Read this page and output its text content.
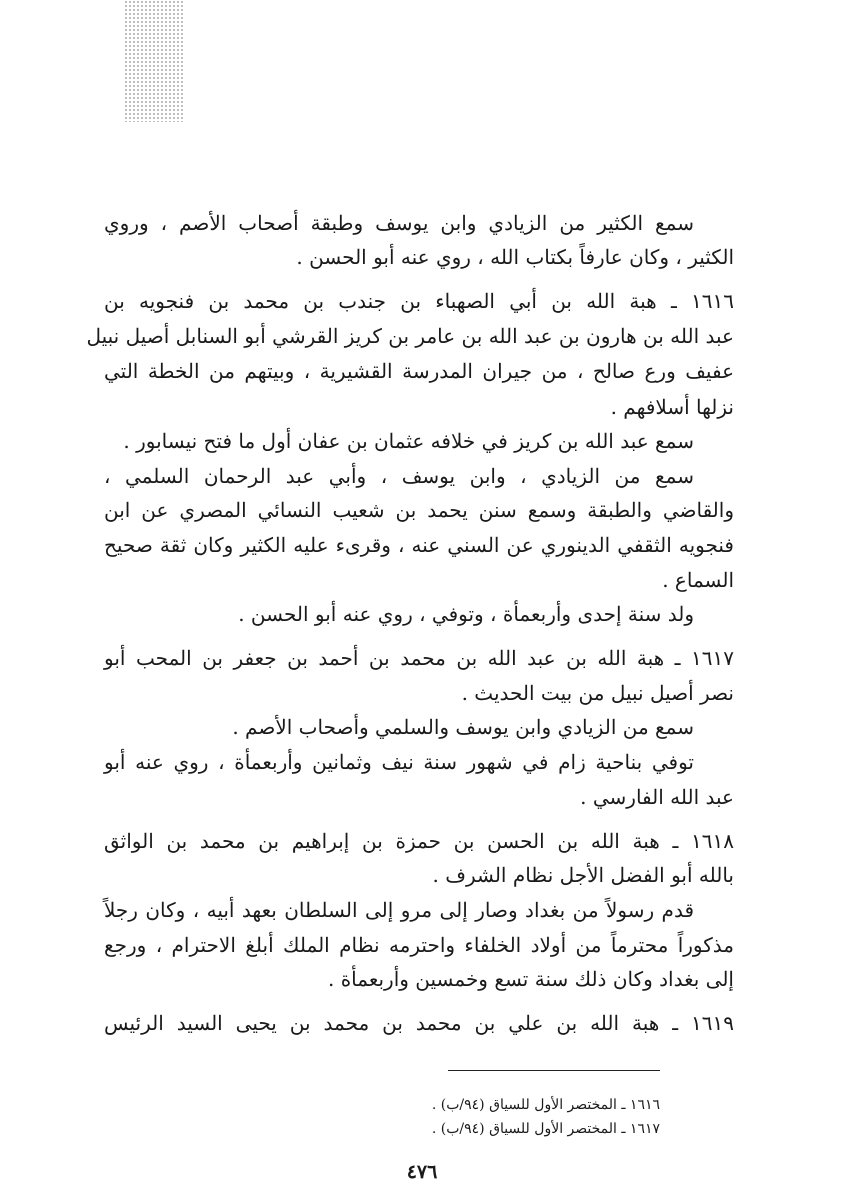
سمع الكثير من الزيادي وابن يوسف وطبقة أصحاب الأصم ، وروي
الكثير ، وكان عارفاً بكتاب الله ، روي عنه أبو الحسن .
١٦١٦ ـ هبة الله بن أبي الصهباء بن جندب بن محمد بن فنجويه بن
عبد الله بن هارون بن عبد الله بن عامر بن كريز القرشي أبو السنابل أصيل نبيل
عفيف ورع صالح ، من جيران المدرسة القشيرية ، وبيتهم من الخطة التي
نزلها أسلافهم .
سمع عبد الله بن كريز في خلافه عثمان بن عفان أول ما فتح نيسابور .
سمع من الزيادي ، وابن يوسف ، وأبي عبد الرحمان السلمي ،
والقاضي والطبقة وسمع سنن يحمد بن شعيب النسائي المصري عن ابن
فنجويه الثقفي الدينوري عن السني عنه ، وقرىء عليه الكثير وكان ثقة صحيح
السماع .
ولد سنة إحدى وأربعمأة ، وتوفي ، روي عنه أبو الحسن .
١٦١٧ ـ هبة الله بن عبد الله بن محمد بن أحمد بن جعفر بن المحب أبو
نصر أصيل نبيل من بيت الحديث .
سمع من الزيادي وابن يوسف والسلمي وأصحاب الأصم .
توفي بناحية زام في شهور سنة نيف وثمانين وأربعمأة ، روي عنه أبو
عبد الله الفارسي .
١٦١٨ ـ هبة الله بن الحسن بن حمزة بن إبراهيم بن محمد بن الواثق
بالله أبو الفضل الأجل نظام الشرف .
قدم رسولاً من بغداد وصار إلى مرو إلى السلطان بعهد أبيه ، وكان رجلاً
مذكوراً محترماً من أولاد الخلفاء واحترمه نظام الملك أبلغ الاحترام ، ورجع
إلى بغداد وكان ذلك سنة تسع وخمسين وأربعمأة .
١٦١٩ ـ هبة الله بن علي بن محمد بن محمد بن يحيى السيد الرئيس
١٦١٦ ـ المختصر الأول للسياق (٩٤/ب) .
١٦١٧ ـ المختصر الأول للسياق (٩٤/ب) .
٤٧٦
